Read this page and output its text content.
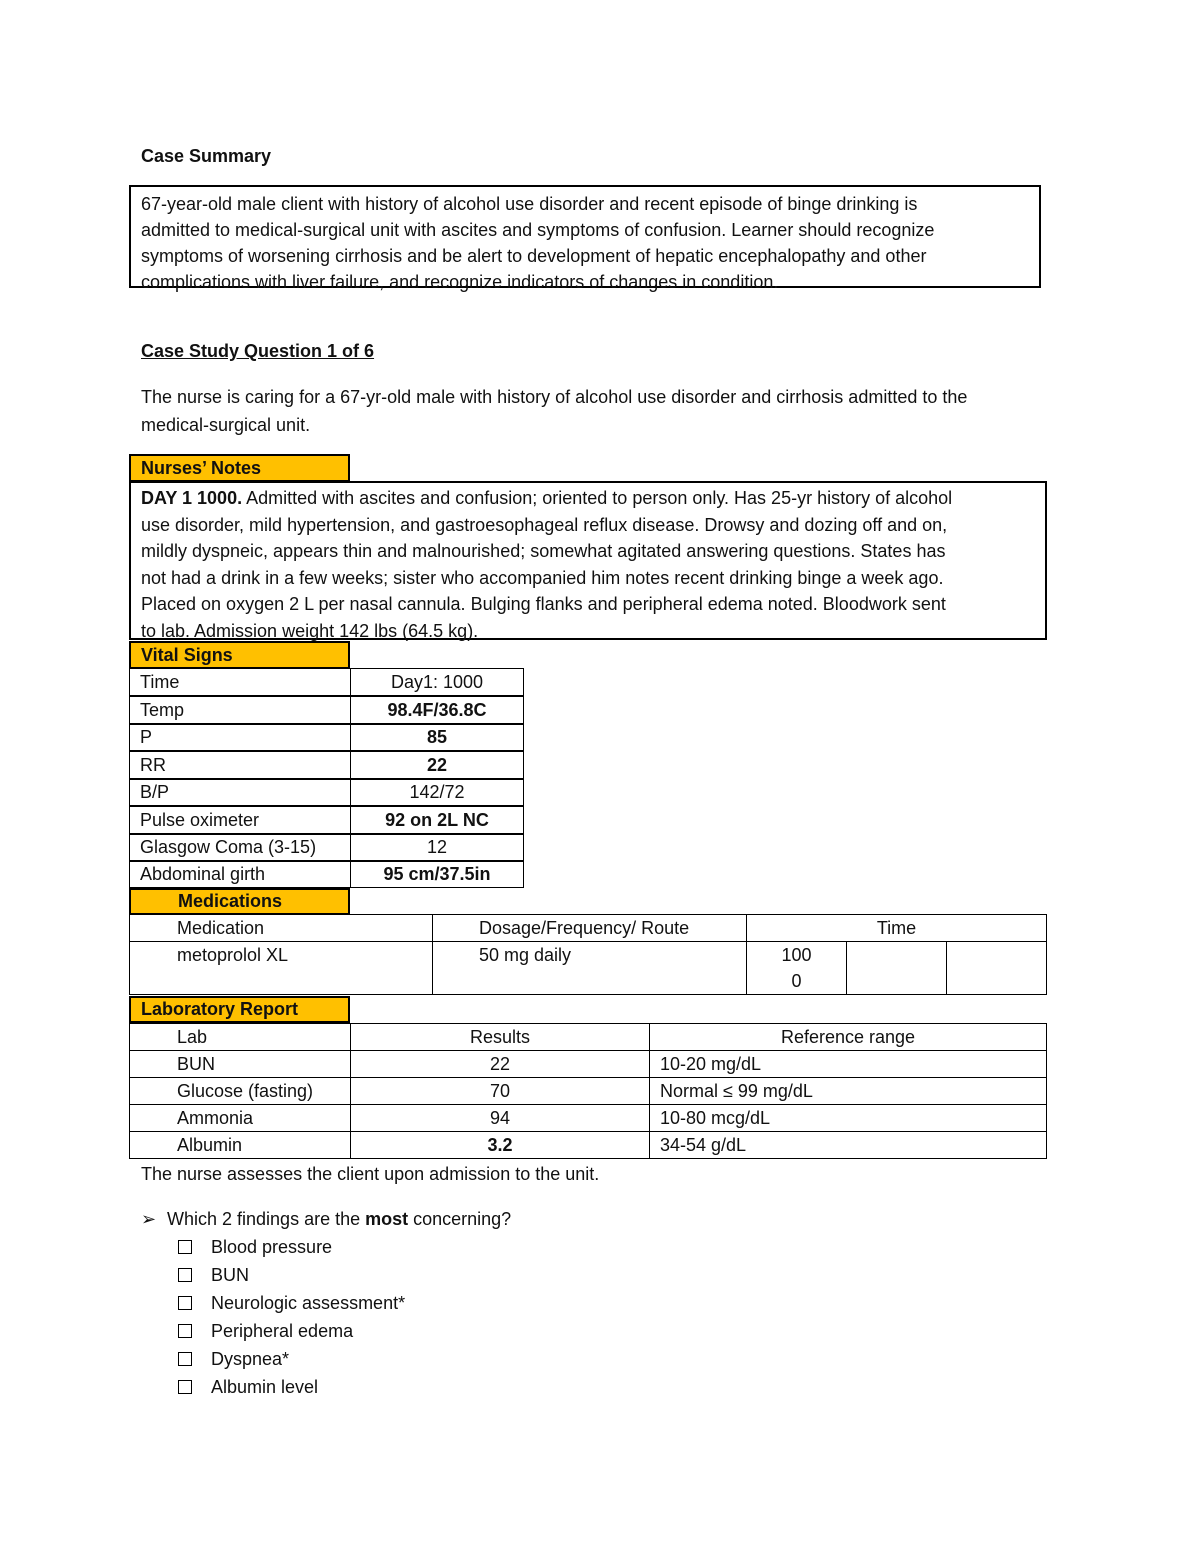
Case Summary
67-year-old male client with history of alcohol use disorder and recent episode of binge drinking is
admitted to medical-surgical unit with ascites and symptoms of confusion. Learner should recognize
symptoms of worsening cirrhosis and be alert to development of hepatic encephalopathy and other
complications with liver failure, and recognize indicators of changes in condition.
Case Study Question 1 of 6
The nurse is caring for a 67-yr-old male with history of alcohol use disorder and cirrhosis admitted to the
medical-surgical unit.
Nurses’ Notes
DAY 1 1000. Admitted with ascites and confusion; oriented to person only. Has 25-yr history of alcohol
use disorder, mild hypertension, and gastroesophageal reflux disease. Drowsy and dozing off and on,
mildly dyspneic, appears thin and malnourished; somewhat agitated answering questions. States has
not had a drink in a few weeks; sister who accompanied him notes recent drinking binge a week ago.
Placed on oxygen 2 L per nasal cannula. Bulging flanks and peripheral edema noted. Bloodwork sent
to lab. Admission weight 142 lbs (64.5 kg).
Vital Signs
Time	Day1: 1000
Temp	98.4F/36.8C
P	85
RR	22
B/P	142/72
Pulse oximeter	92 on 2L NC
Glasgow Coma (3-15)	12
Abdominal girth	95 cm/37.5in
Medications
Medication	Dosage/Frequency/ Route	Time
metoprolol XL	50 mg daily	100
0
Laboratory Report
Lab	Results	Reference range
BUN	22	10-20 mg/dL
Glucose (fasting)	70	Normal ≤ 99 mg/dL
Ammonia	94	10-80 mcg/dL
Albumin	3.2	34-54 g/dL
The nurse assesses the client upon admission to the unit.
➢ Which 2 findings are the most concerning?
Blood pressure
BUN
Neurologic assessment*
Peripheral edema
Dyspnea*
Albumin level
